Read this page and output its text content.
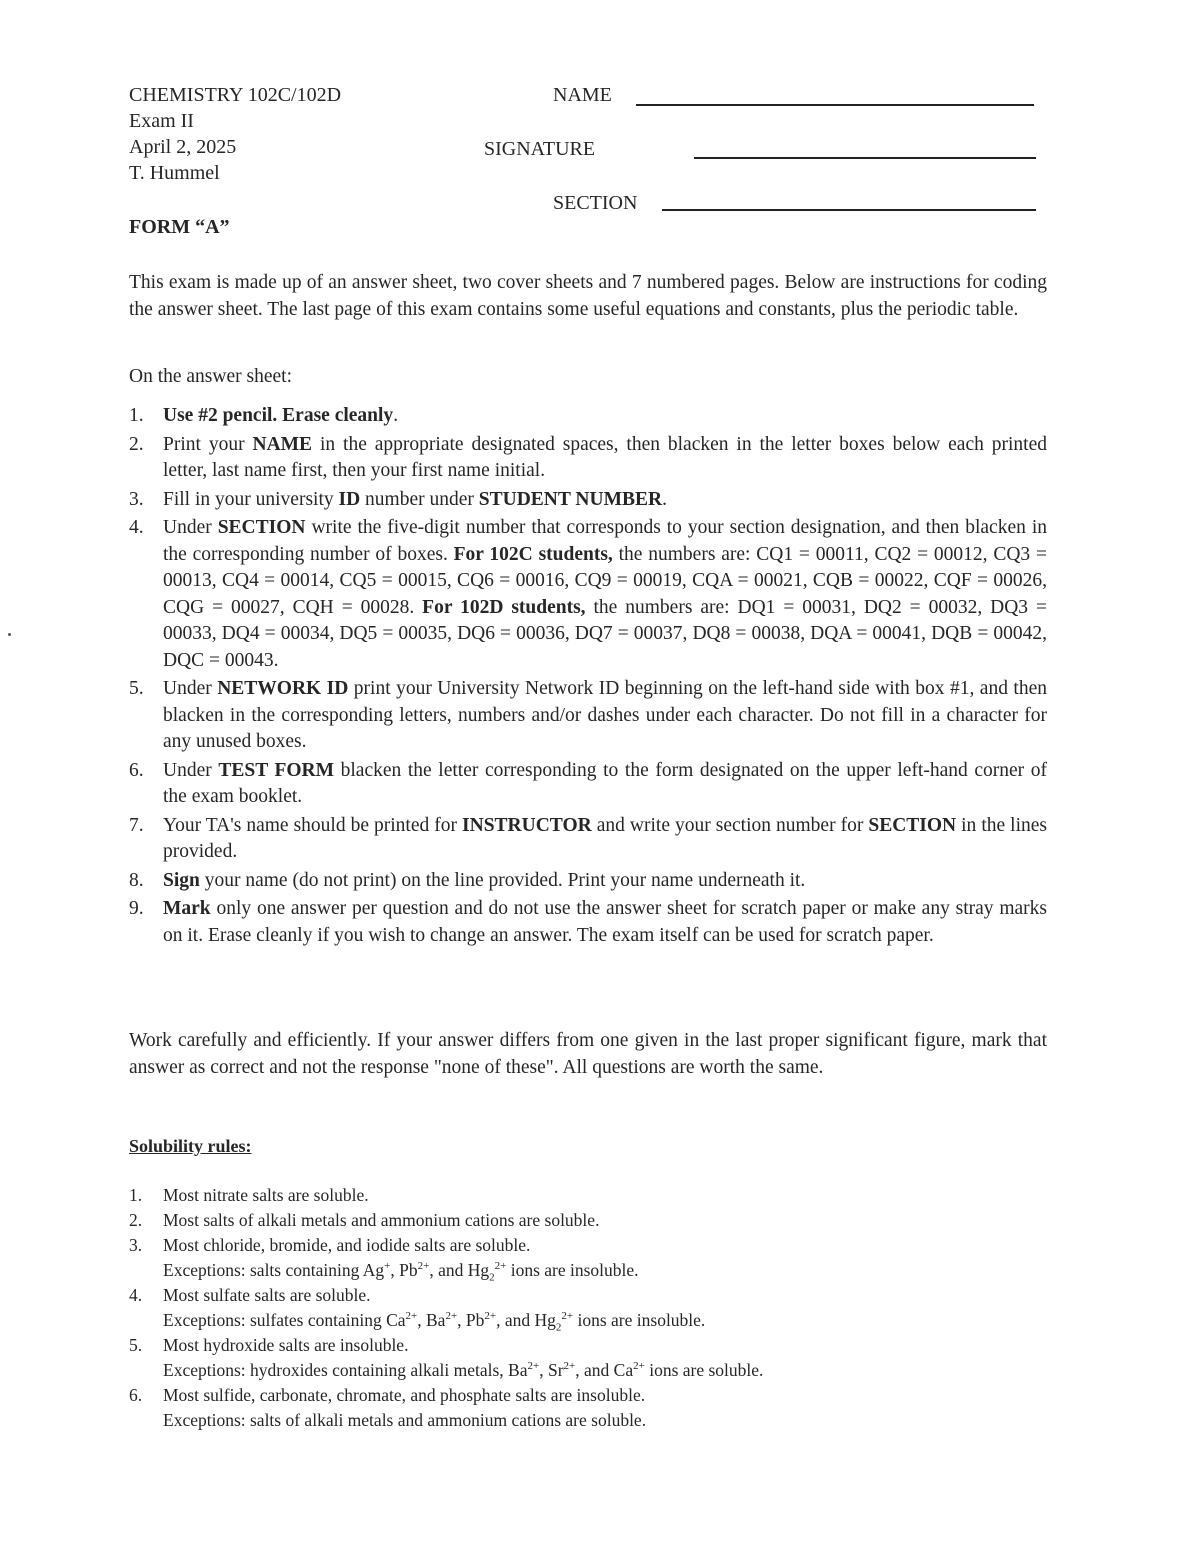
CHEMISTRY 102C/102D
Exam II
April 2, 2025
T. Hummel
FORM “A”
NAME
SIGNATURE
SECTION
This exam is made up of an answer sheet, two cover sheets and 7 numbered pages. Below are instructions for coding the answer sheet. The last page of this exam contains some useful equations and constants, plus the periodic table.
On the answer sheet:
1. Use #2 pencil. Erase cleanly.
2. Print your NAME in the appropriate designated spaces, then blacken in the letter boxes below each printed letter, last name first, then your first name initial.
3. Fill in your university ID number under STUDENT NUMBER.
4. Under SECTION write the five-digit number that corresponds to your section designation, and then blacken in the corresponding number of boxes. For 102C students, the numbers are: CQ1 = 00011, CQ2 = 00012, CQ3 = 00013, CQ4 = 00014, CQ5 = 00015, CQ6 = 00016, CQ9 = 00019, CQA = 00021, CQB = 00022, CQF = 00026, CQG = 00027, CQH = 00028. For 102D students, the numbers are: DQ1 = 00031, DQ2 = 00032, DQ3 = 00033, DQ4 = 00034, DQ5 = 00035, DQ6 = 00036, DQ7 = 00037, DQ8 = 00038, DQA = 00041, DQB = 00042, DQC = 00043.
5. Under NETWORK ID print your University Network ID beginning on the left-hand side with box #1, and then blacken in the corresponding letters, numbers and/or dashes under each character. Do not fill in a character for any unused boxes.
6. Under TEST FORM blacken the letter corresponding to the form designated on the upper left-hand corner of the exam booklet.
7. Your TA's name should be printed for INSTRUCTOR and write your section number for SECTION in the lines provided.
8. Sign your name (do not print) on the line provided. Print your name underneath it.
9. Mark only one answer per question and do not use the answer sheet for scratch paper or make any stray marks on it. Erase cleanly if you wish to change an answer. The exam itself can be used for scratch paper.
Work carefully and efficiently. If your answer differs from one given in the last proper significant figure, mark that answer as correct and not the response "none of these". All questions are worth the same.
Solubility rules:
1. Most nitrate salts are soluble.
2. Most salts of alkali metals and ammonium cations are soluble.
3. Most chloride, bromide, and iodide salts are soluble.
Exceptions: salts containing Ag+, $Pb^{2+}$, and $Hg_2^{2+}$ ions are insoluble.
4. Most sulfate salts are soluble.
Exceptions: sulfates containing $Ca^{2+}$, $Ba^{2+}$, $Pb^{2+}$, and $Hg_2^{2+}$ ions are insoluble.
5. Most hydroxide salts are insoluble.
Exceptions: hydroxides containing alkali metals, $Ba^{2+}$, $Sr^{2+}$, and $Ca^{2+}$ ions are soluble.
6. Most sulfide, carbonate, chromate, and phosphate salts are insoluble.
Exceptions: salts of alkali metals and ammonium cations are soluble.
